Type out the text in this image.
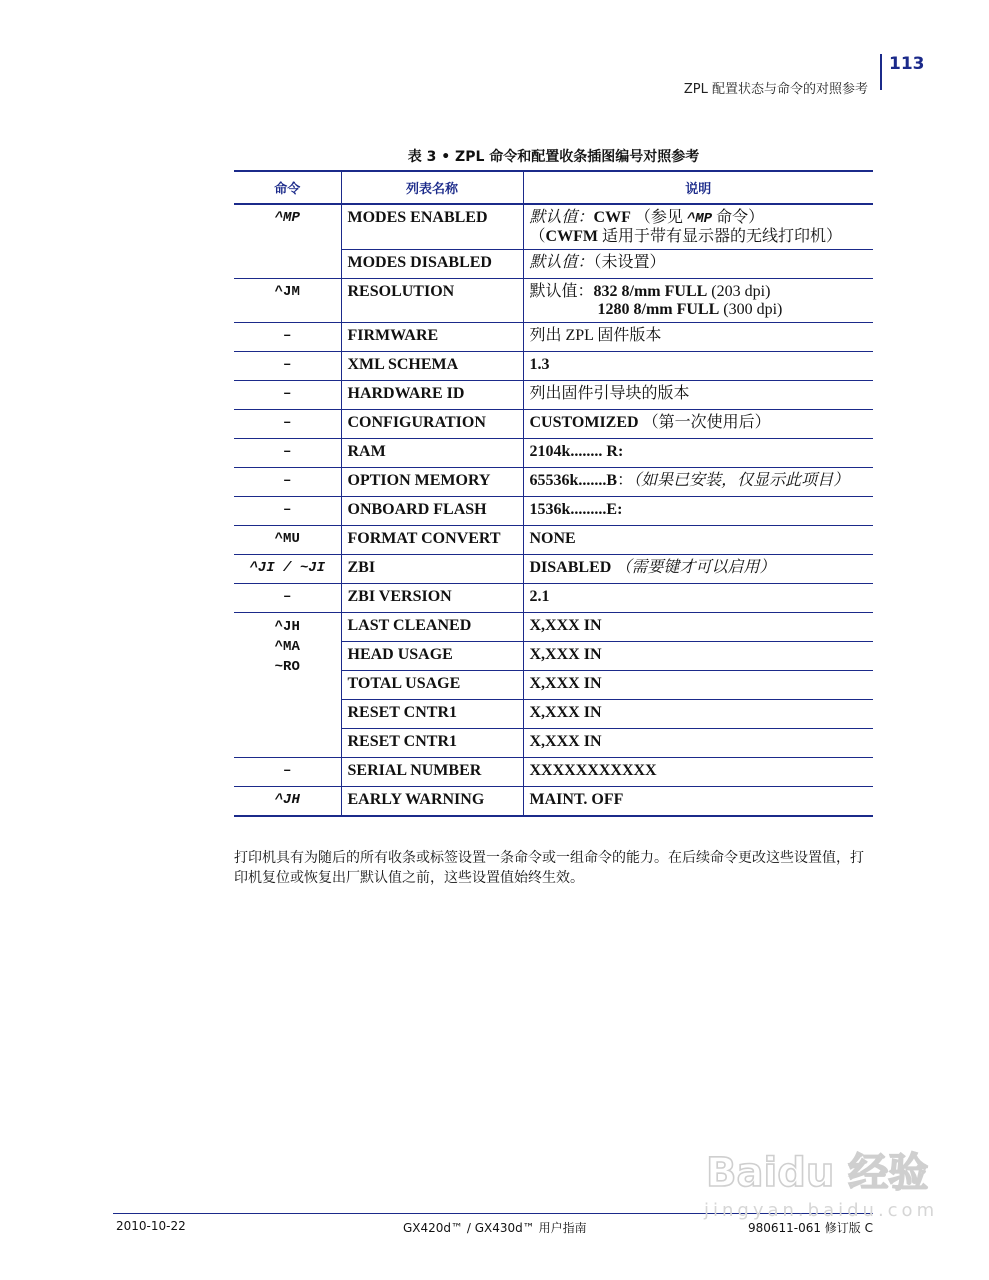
ZPL 配置状态与命令的对照参考
113
表 3 • ZPL 命令和配置收条插图编号对照参考
命令	列表名称	说明
^MP	MODES ENABLED	默认值：CWF （参见 ^MP 命令）
（CWFM 适用于带有显示器的无线打印机）
	MODES DISABLED	默认值：（未设置）
^JM	RESOLUTION	默认值：832 8/mm FULL (203 dpi)
1280 8/mm FULL (300 dpi)
–	FIRMWARE	列出 ZPL 固件版本
–	XML SCHEMA	1.3
–	HARDWARE ID	列出固件引导块的版本
–	CONFIGURATION	CUSTOMIZED （第一次使用后）
–	RAM	2104k........ R:
–	OPTION MEMORY	65536k.......B：（如果已安装，仅显示此项目）
–	ONBOARD FLASH	1536k.........E:
^MU	FORMAT CONVERT	NONE
^JI / ~JI	ZBI	DISABLED （需要键才可以启用）
–	ZBI VERSION	2.1

^JH
^MA
~RO	LAST CLEANED	X,XXX IN
	HEAD USAGE	X,XXX IN
	TOTAL USAGE	X,XXX IN
	RESET CNTR1	X,XXX IN
	RESET CNTR1	X,XXX IN
–	SERIAL NUMBER	XXXXXXXXXXX
^JH	EARLY WARNING	MAINT. OFF
打印机具有为随后的所有收条或标签设置一条命令或一组命令的能力。在后续命令更改这些设置值，打印机复位或恢复出厂默认值之前，这些设置值始终生效。
2010-10-22	GX420d™ / GX430d™ 用户指南	980611-061 修订版 C
Baidu 经验
jingyan.baidu.com
